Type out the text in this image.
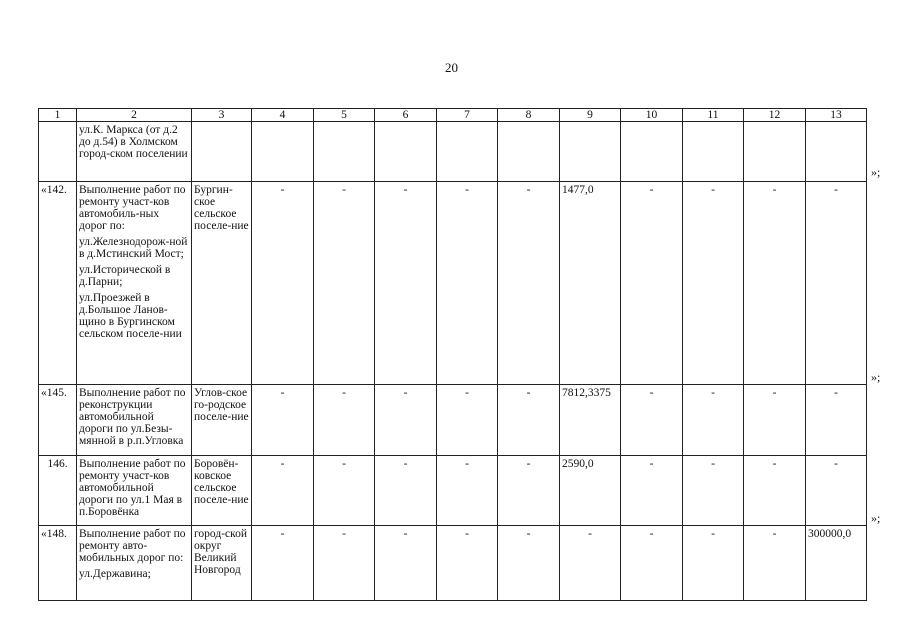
20
1	2	3	4	5	6	7	8	9	10	11	12	13
	ул.К. Маркса (от д.2 до д.54) в Холмском город-ском поселении											
«142.	Выполнение работ по ремонту участ-ков автомобиль-ных дорог по:
ул.Железнодорож-ной в д.Мстинский Мост;
ул.Исторической в д.Парни;
ул.Проезжей в д.Большое Ланов-щино в Бургинском сельском поселе-нии	Бургин-ское сельское поселе-ние	-	-	-	-	-	1477,0	-	-	-	-
«145.	Выполнение работ по реконструкции автомобильной дороги по ул.Безы-мянной в р.п.Угловка	Углов-ское го-родское поселе-ние	-	-	-	-	-	7812,3375	-	-	-	-
146.	Выполнение работ по ремонту участ-ков автомобильной дороги по ул.1 Мая в п.Боровёнка	Боровён-ковское сельское поселе-ние	-	-	-	-	-	2590,0	-	-	-	-
«148.	Выполнение работ по ремонту авто-мобильных дорог по:
ул.Державина;	город-ской округ Великий Новгород	-	-	-	-	-	-	-	-	-	300000,0
»;
»;
»;
